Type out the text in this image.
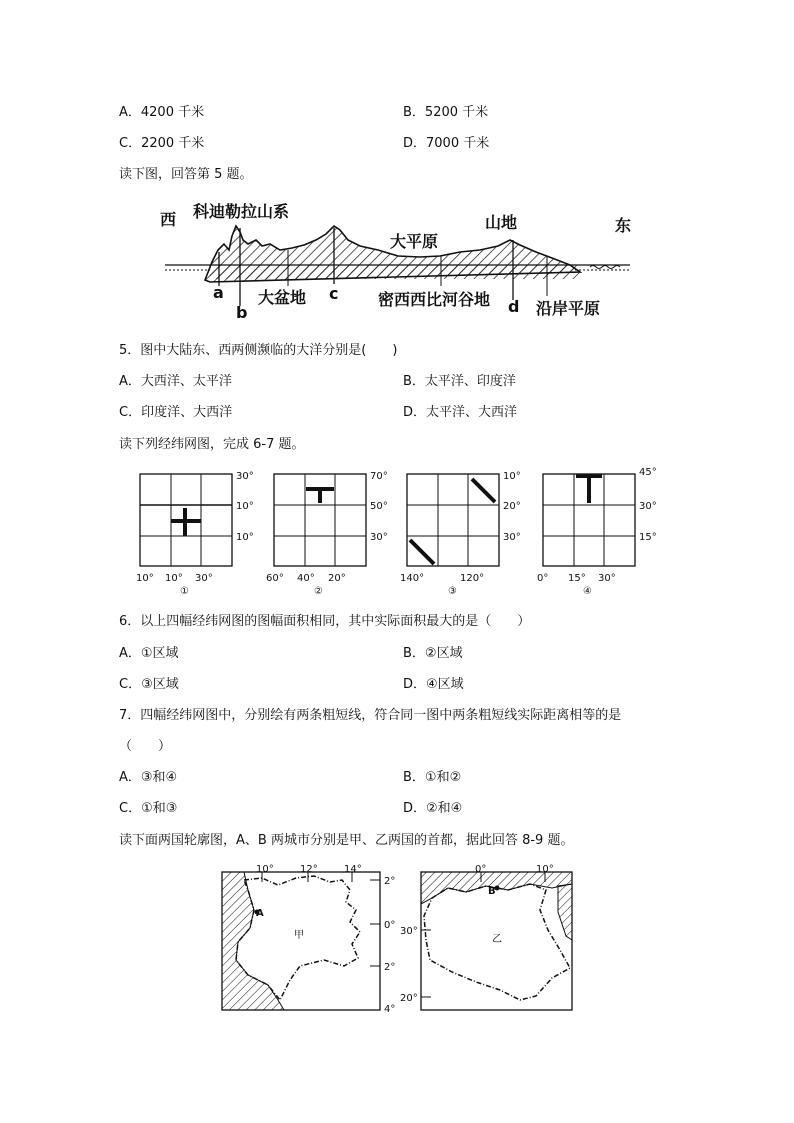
A．4200 千米	B．5200 千米
C．2200 千米	D．7000 千米
读下图，回答第 5 题。
西 科迪勒拉山系
大平原
山地	东
大盆地	密西西比河谷地	沿岸平原
a
b
c
d
5．图中大陆东、西两侧濒临的大洋分别是(　　)
A．大西洋、太平洋	B．太平洋、印度洋
C．印度洋、大西洋	D．太平洋、大西洋
读下列经纬网图，完成 6-7 题。
30°
10°
10°
10° 10° 30°
①
70°
50°
30°
60° 40° 20°
②
10°
20°
30°
140°	120°
③
45°
30°
15°
0° 15° 30°
④
6．以上四幅经纬网图的图幅面积相同，其中实际面积最大的是（　　）
A．①区域	B．②区域
C．③区域	D．④区域
7．四幅经纬网图中，分别绘有两条粗短线，符合同一图中两条粗短线实际距离相等的是
（　　）
A．③和④	B．①和②
C．①和③	D．②和④
读下面两国轮廓图，A、B 两城市分别是甲、乙两国的首都，据此回答 8-9 题。
10°	12°	14°
2°
0°
2°
4°
甲
A
0°	10°
30°
20°
乙
B
